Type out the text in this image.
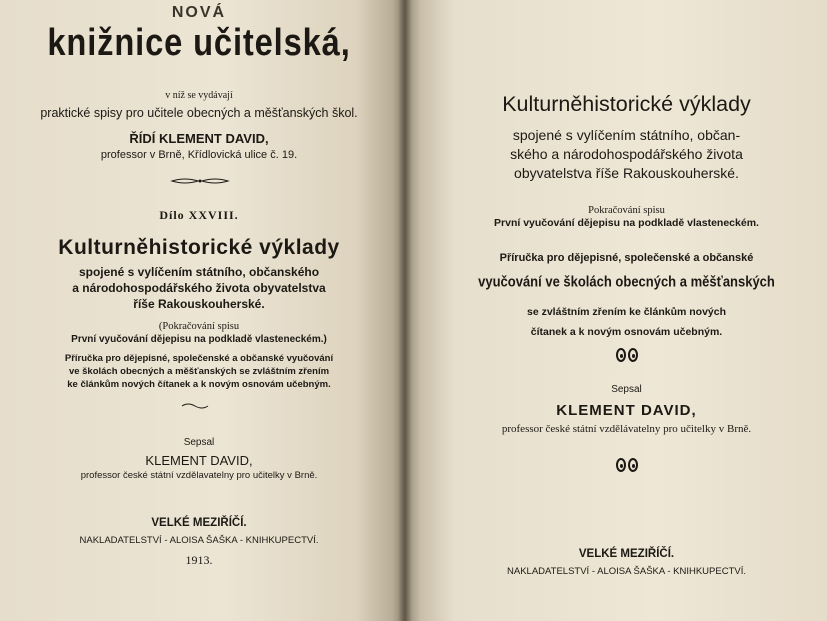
NOVÁ
knižnice učitelská,
v níž se vydávají
praktické spisy pro učitele obecných a měšťanských škol.
ŘÍDÍ KLEMENT DAVID,
professor v Brně, Křídlovická ulice č. 19.
Dílo XXVIII.
Kulturněhistorické výklady
spojené s vylíčením státního, občanského
a národohospodářského života obyvatelstva
říše Rakouskouherské.
(Pokračování spisu
První vyučování dějepisu na podkladě vlasteneckém.)
Příručka pro dějepisné, společenské a občanské vyučování
ve školách obecných a měšťanských se zvláštním zřením
ke článkům nových čítanek a k novým osnovám učebným.
Sepsal
KLEMENT DAVID,
professor české státní vzdělavatelny pro učitelky v Brně.
VELKÉ MEZIŘÍČÍ.
NAKLADATELSTVÍ - ALOISA ŠAŠKA - KNIHKUPECTVÍ.
1913.
Kulturněhistorické výklady
spojené s vylíčením státního, občan-
ského a národohospodářského života
obyvatelstva říše Rakouskouherské.
Pokračování spisu
První vyučování dějepisu na podkladě vlasteneckém.
Příručka pro dějepisné, společenské a občanské
vyučování ve školách obecných a měšťanských
se zvláštním zřením ke článkům nových
čítanek a k novým osnovám učebným.
Sepsal
KLEMENT DAVID,
professor české státní vzdělávatelny pro učitelky v Brně.
VELKÉ MEZIŘÍČÍ.
NAKLADATELSTVÍ - ALOISA ŠAŠKA - KNIHKUPECTVÍ.
